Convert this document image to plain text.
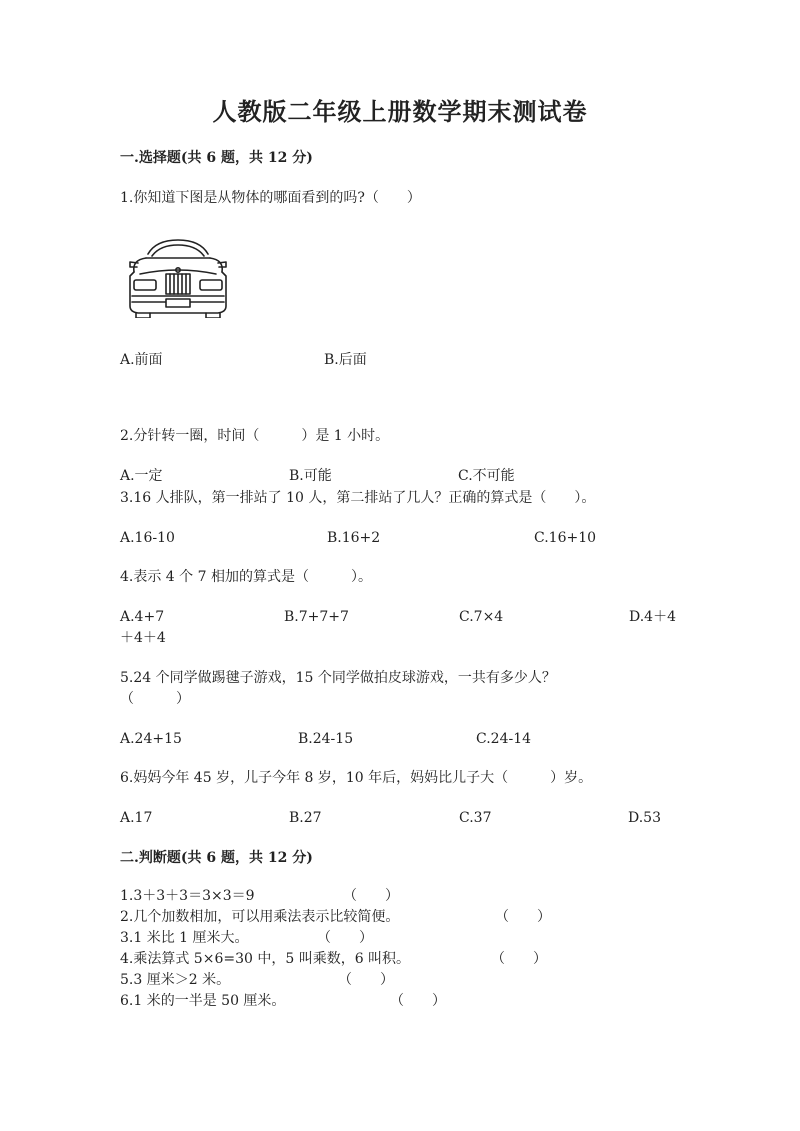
人教版二年级上册数学期末测试卷
一.选择题(共 6 题，共 12 分)
1.你知道下图是从物体的哪面看到的吗?（　　）
A.前面	B.后面
2.分针转一圈，时间（　　　）是 1 小时。
A.一定	B.可能	C.不可能
3.16 人排队，第一排站了 10 人，第二排站了几人？正确的算式是（　　）。
A.16-10	B.16+2	C.16+10
4.表示 4 个 7 相加的算式是（　　　）。
A.4+7	B.7+7+7	C.7×4	D.4＋4
＋4＋4
5.24 个同学做踢毽子游戏，15 个同学做拍皮球游戏，一共有多少人？
（　　　）
A.24+15	B.24-15	C.24-14
6.妈妈今年 45 岁，儿子今年 8 岁，10 年后，妈妈比儿子大（　　　）岁。
A.17	B.27	C.37	D.53
二.判断题(共 6 题，共 12 分)
1.3＋3＋3＝3×3＝9	（　　）
2.几个加数相加，可以用乘法表示比较简便。	（　　）
3.1 米比 1 厘米大。	（　　）
4.乘法算式 5×6=30 中，5 叫乘数，6 叫积。	（　　）
5.3 厘米＞2 米。	（　　）
6.1 米的一半是 50 厘米。	（　　）
